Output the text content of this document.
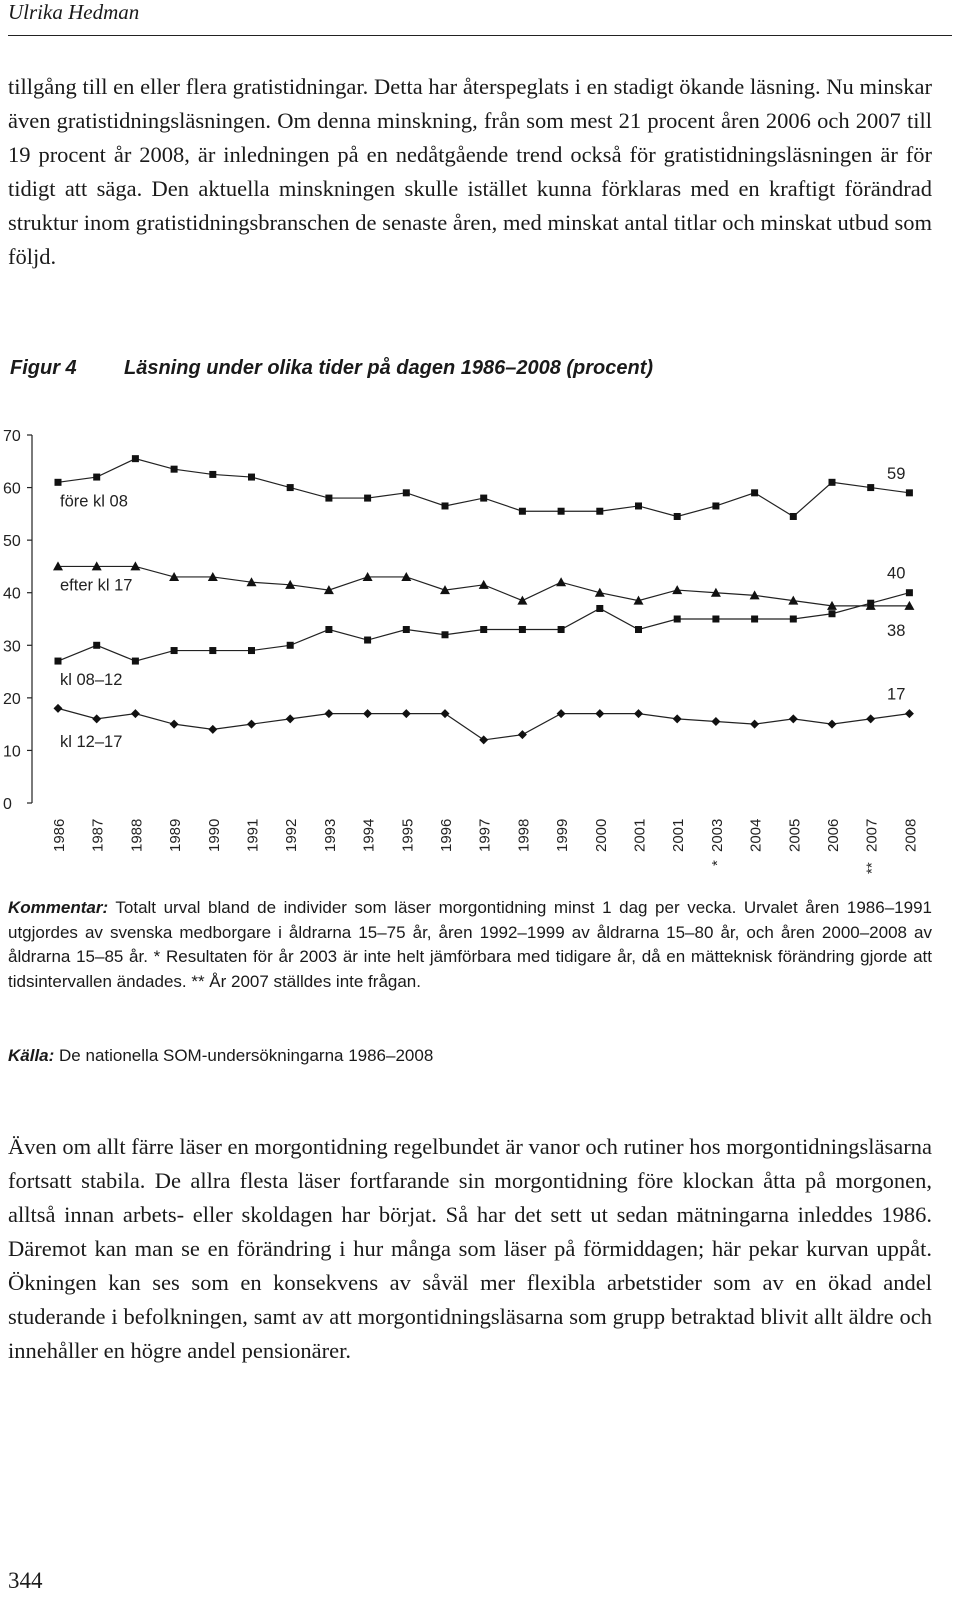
Ulrika Hedman

tillgång till en eller flera gratistidningar. Detta har återspeglats i en stadigt ökande läsning. Nu minskar även gratistidningsläsningen. Om denna minskning, från som mest 21 procent åren 2006 och 2007 till 19 procent år 2008, är inledningen på en nedåtgående trend också för gratistidningsläsningen är för tidigt att säga. Den aktuella minskningen skulle istället kunna förklaras med en kraftigt förändrad struktur inom gratistidningsbranschen de senaste åren, med minskat antal titlar och minskat utbud som följd.

Figur 4 Läsning under olika tider på dagen 1986–2008 (procent)
0
10
20
30
40
50
60
70
1986 1987 1988 1989 1990 1991 1992 1993 1994 1995 1996 1997 1998 1999 2000 2001 2001 2003
*
2004 2005 2006 2007
**
2008
före kl 08
efter kl 17
kl 08–12
kl 12–17
59
38
40
17

Kommentar: Totalt urval bland de individer som läser morgontidning minst 1 dag per vecka. Urvalet åren 1986–1991 utgjordes av svenska medborgare i åldrarna 15–75 år, åren 1992–1999 av åldrarna 15–80 år, och åren 2000–2008 av åldrarna 15–85 år. * Resultaten för år 2003 är inte helt jämförbara med tidigare år, då en mätteknisk förändring gjorde att tidsintervallen ändades. ** År 2007 ställdes inte frågan.

Källa: De nationella SOM-undersökningarna 1986–2008

Även om allt färre läser en morgontidning regelbundet är vanor och rutiner hos morgontidningsläsarna fortsatt stabila. De allra flesta läser fortfarande sin morgontidning före klockan åtta på morgonen, alltså innan arbets- eller skoldagen har börjat. Så har det sett ut sedan mätningarna inleddes 1986. Däremot kan man se en förändring i hur många som läser på förmiddagen; här pekar kurvan uppåt. Ökningen kan ses som en konsekvens av såväl mer flexibla arbetstider som av en ökad andel studerande i befolkningen, samt av att morgontidningsläsarna som grupp betraktad blivit allt äldre och innehåller en högre andel pensionärer.

344
